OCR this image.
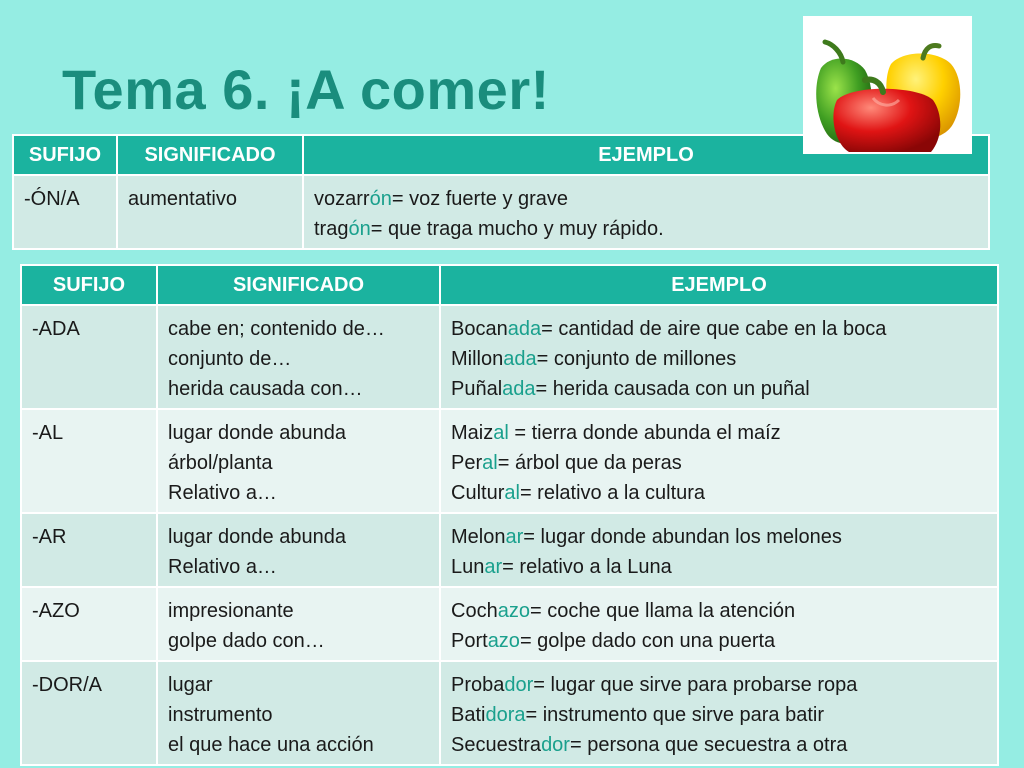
Tema 6. ¡A comer!
SUFIJO	SIGNIFICADO	EJEMPLO
-ÓN/A	aumentativo	vozarrón= voz fuerte y grave
tragón= que traga mucho y muy rápido.
SUFIJO	SIGNIFICADO	EJEMPLO
-ADA	cabe en; contenido de…
conjunto de…
herida causada con…	Bocanada= cantidad de aire que cabe en la boca
Millonada= conjunto de millones
Puñalada= herida causada con un puñal

-AL	lugar donde abunda
árbol/planta
Relativo a…	Maizal = tierra donde abunda el maíz
Peral= árbol que da peras
Cultural= relativo a la cultura

-AR	lugar donde abunda
Relativo a…	Melonar= lugar donde abundan los melones
Lunar= relativo a la Luna

-AZO	impresionante
golpe dado con…	Cochazo= coche que llama la atención
Portazo= golpe dado con una puerta

-DOR/A	lugar
instrumento
el que hace una acción	Probador= lugar que sirve para probarse ropa
Batidora= instrumento que sirve para batir
Secuestrador= persona que secuestra a otra
